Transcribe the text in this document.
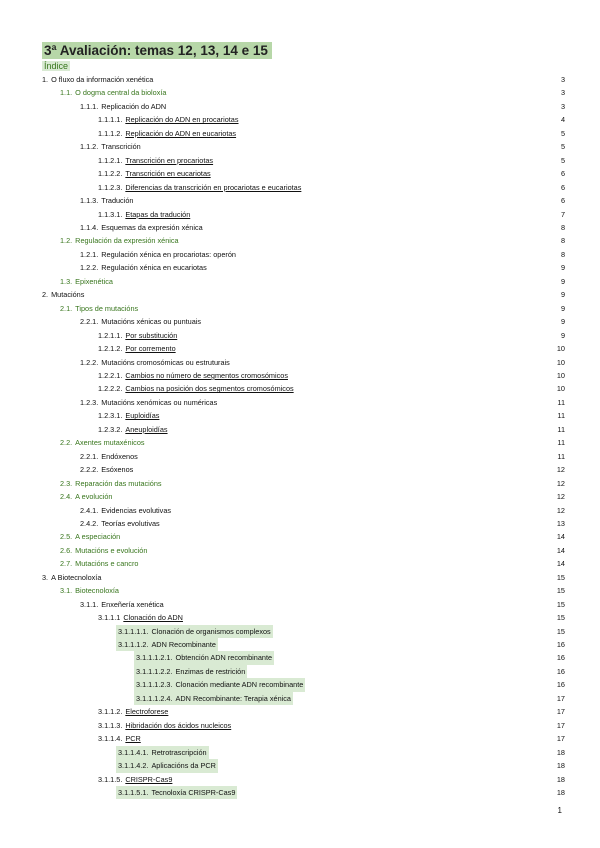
3ª Avaliación: temas 12, 13, 14 e 15
Índice
1. O fluxo da información xenética	3
1.1. O dogma central da bioloxía	3
1.1.1. Replicación do ADN	3
1.1.1.1. Replicación do ADN en procariotas	4
1.1.1.2. Replicación do ADN en eucariotas	5
1.1.2. Transcrición	5
1.1.2.1. Transcrición en procariotas	5
1.1.2.2. Transcrición en eucariotas	6
1.1.2.3. Diferencias da transcrición en procariotas e eucariotas	6
1.1.3. Tradución	6
1.1.3.1. Etapas da tradución	7
1.1.4. Esquemas da expresión xénica	8
1.2. Regulación da expresión xénica	8
1.2.1. Regulación xénica en procariotas: operón	8
1.2.2. Regulación xénica en eucariotas	9
1.3. Epixenética	9
2. Mutacións	9
2.1. Tipos de mutacións	9
2.2.1. Mutacións xénicas ou puntuais	9
1.2.1.1. Por substitución	9
1.2.1.2. Por corremento	10
1.2.2. Mutacións cromosómicas ou estruturais	10
1.2.2.1. Cambios no número de segmentos cromosómicos	10
1.2.2.2. Cambios na posición dos segmentos cromosómicos	10
1.2.3. Mutacións xenómicas ou numéricas	11
1.2.3.1. Euploidías	11
1.2.3.2. Aneuploidías	11
2.2. Axentes mutaxénicos	11
2.2.1. Endóxenos	11
2.2.2. Esóxenos	12
2.3. Reparación das mutacións	12
2.4. A evolución	12
2.4.1. Evidencias evolutivas	12
2.4.2. Teorías evolutivas	13
2.5. A especiación	14
2.6. Mutacións e evolución	14
2.7. Mutacións e cancro	14
3. A Biotecnoloxía	15
3.1. Biotecnoloxía	15
3.1.1. Enxeñería xenética	15
3.1.1.1 Clonación do ADN	15
3.1.1.1.1. Clonación de organismos complexos	15
3.1.1.1.2. ADN Recombinante	16
3.1.1.1.2.1. Obtención ADN recombinante	16
3.1.1.1.2.2. Enzimas de restrición	16
3.1.1.1.2.3. Clonación mediante ADN recombinante	16
3.1.1.1.2.4. ADN Recombinante: Terapia xénica	17
3.1.1.2. Electroforese	17
3.1.1.3. Hibridación dos ácidos nucleicos	17
3.1.1.4. PCR	17
3.1.1.4.1. Retrotrascripción	18
3.1.1.4.2. Aplicacións da PCR	18
3.1.1.5. CRISPR-Cas9	18
3.1.1.5.1. Tecnoloxía CRISPR-Cas9	18
1
